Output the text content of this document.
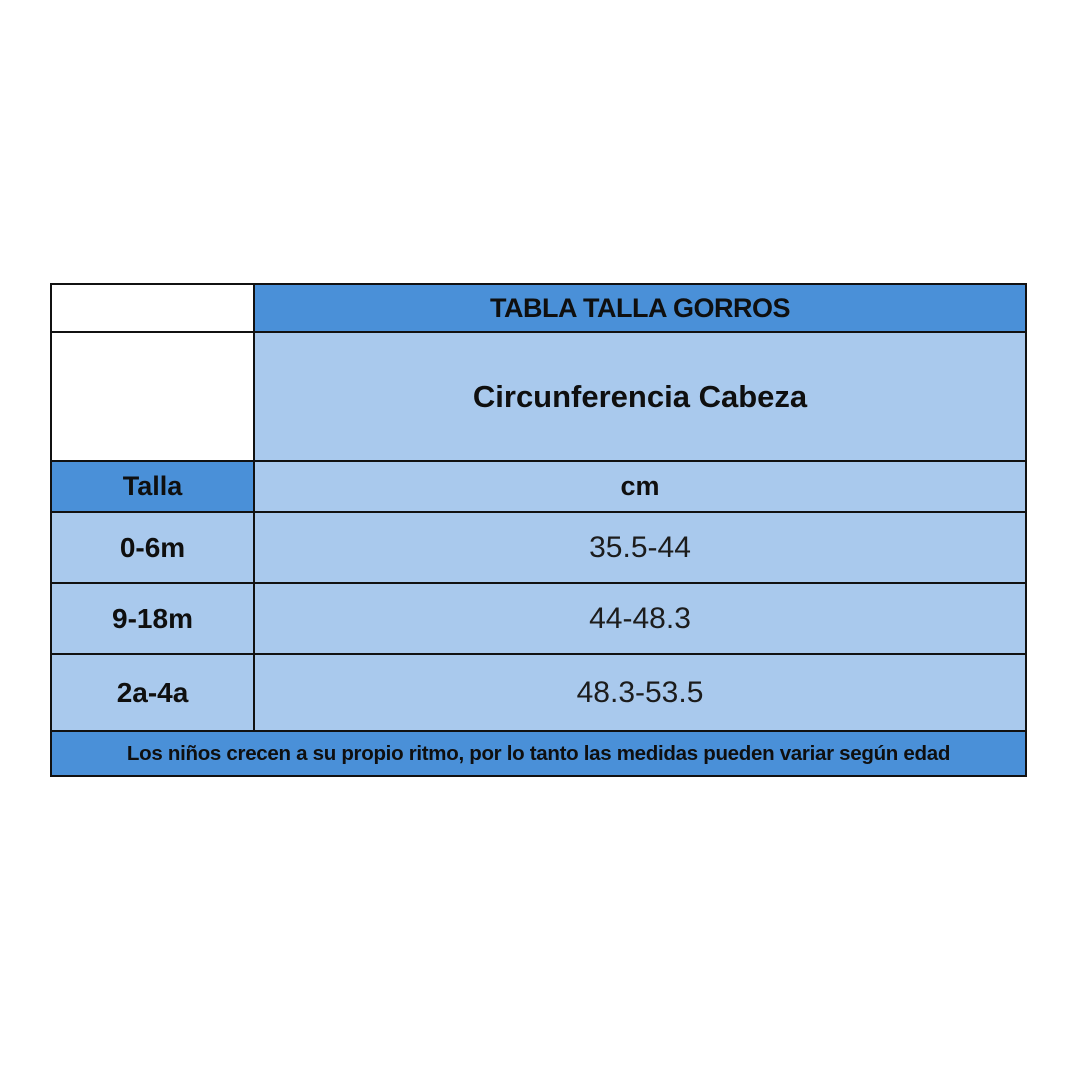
	TABLA TALLA GORROS
	Circunferencia Cabeza
Talla	cm
0-6m	35.5-44
9-18m	44-48.3
2a-4a	48.3-53.5
Los niños crecen a su propio ritmo, por lo tanto las medidas pueden variar según edad	
